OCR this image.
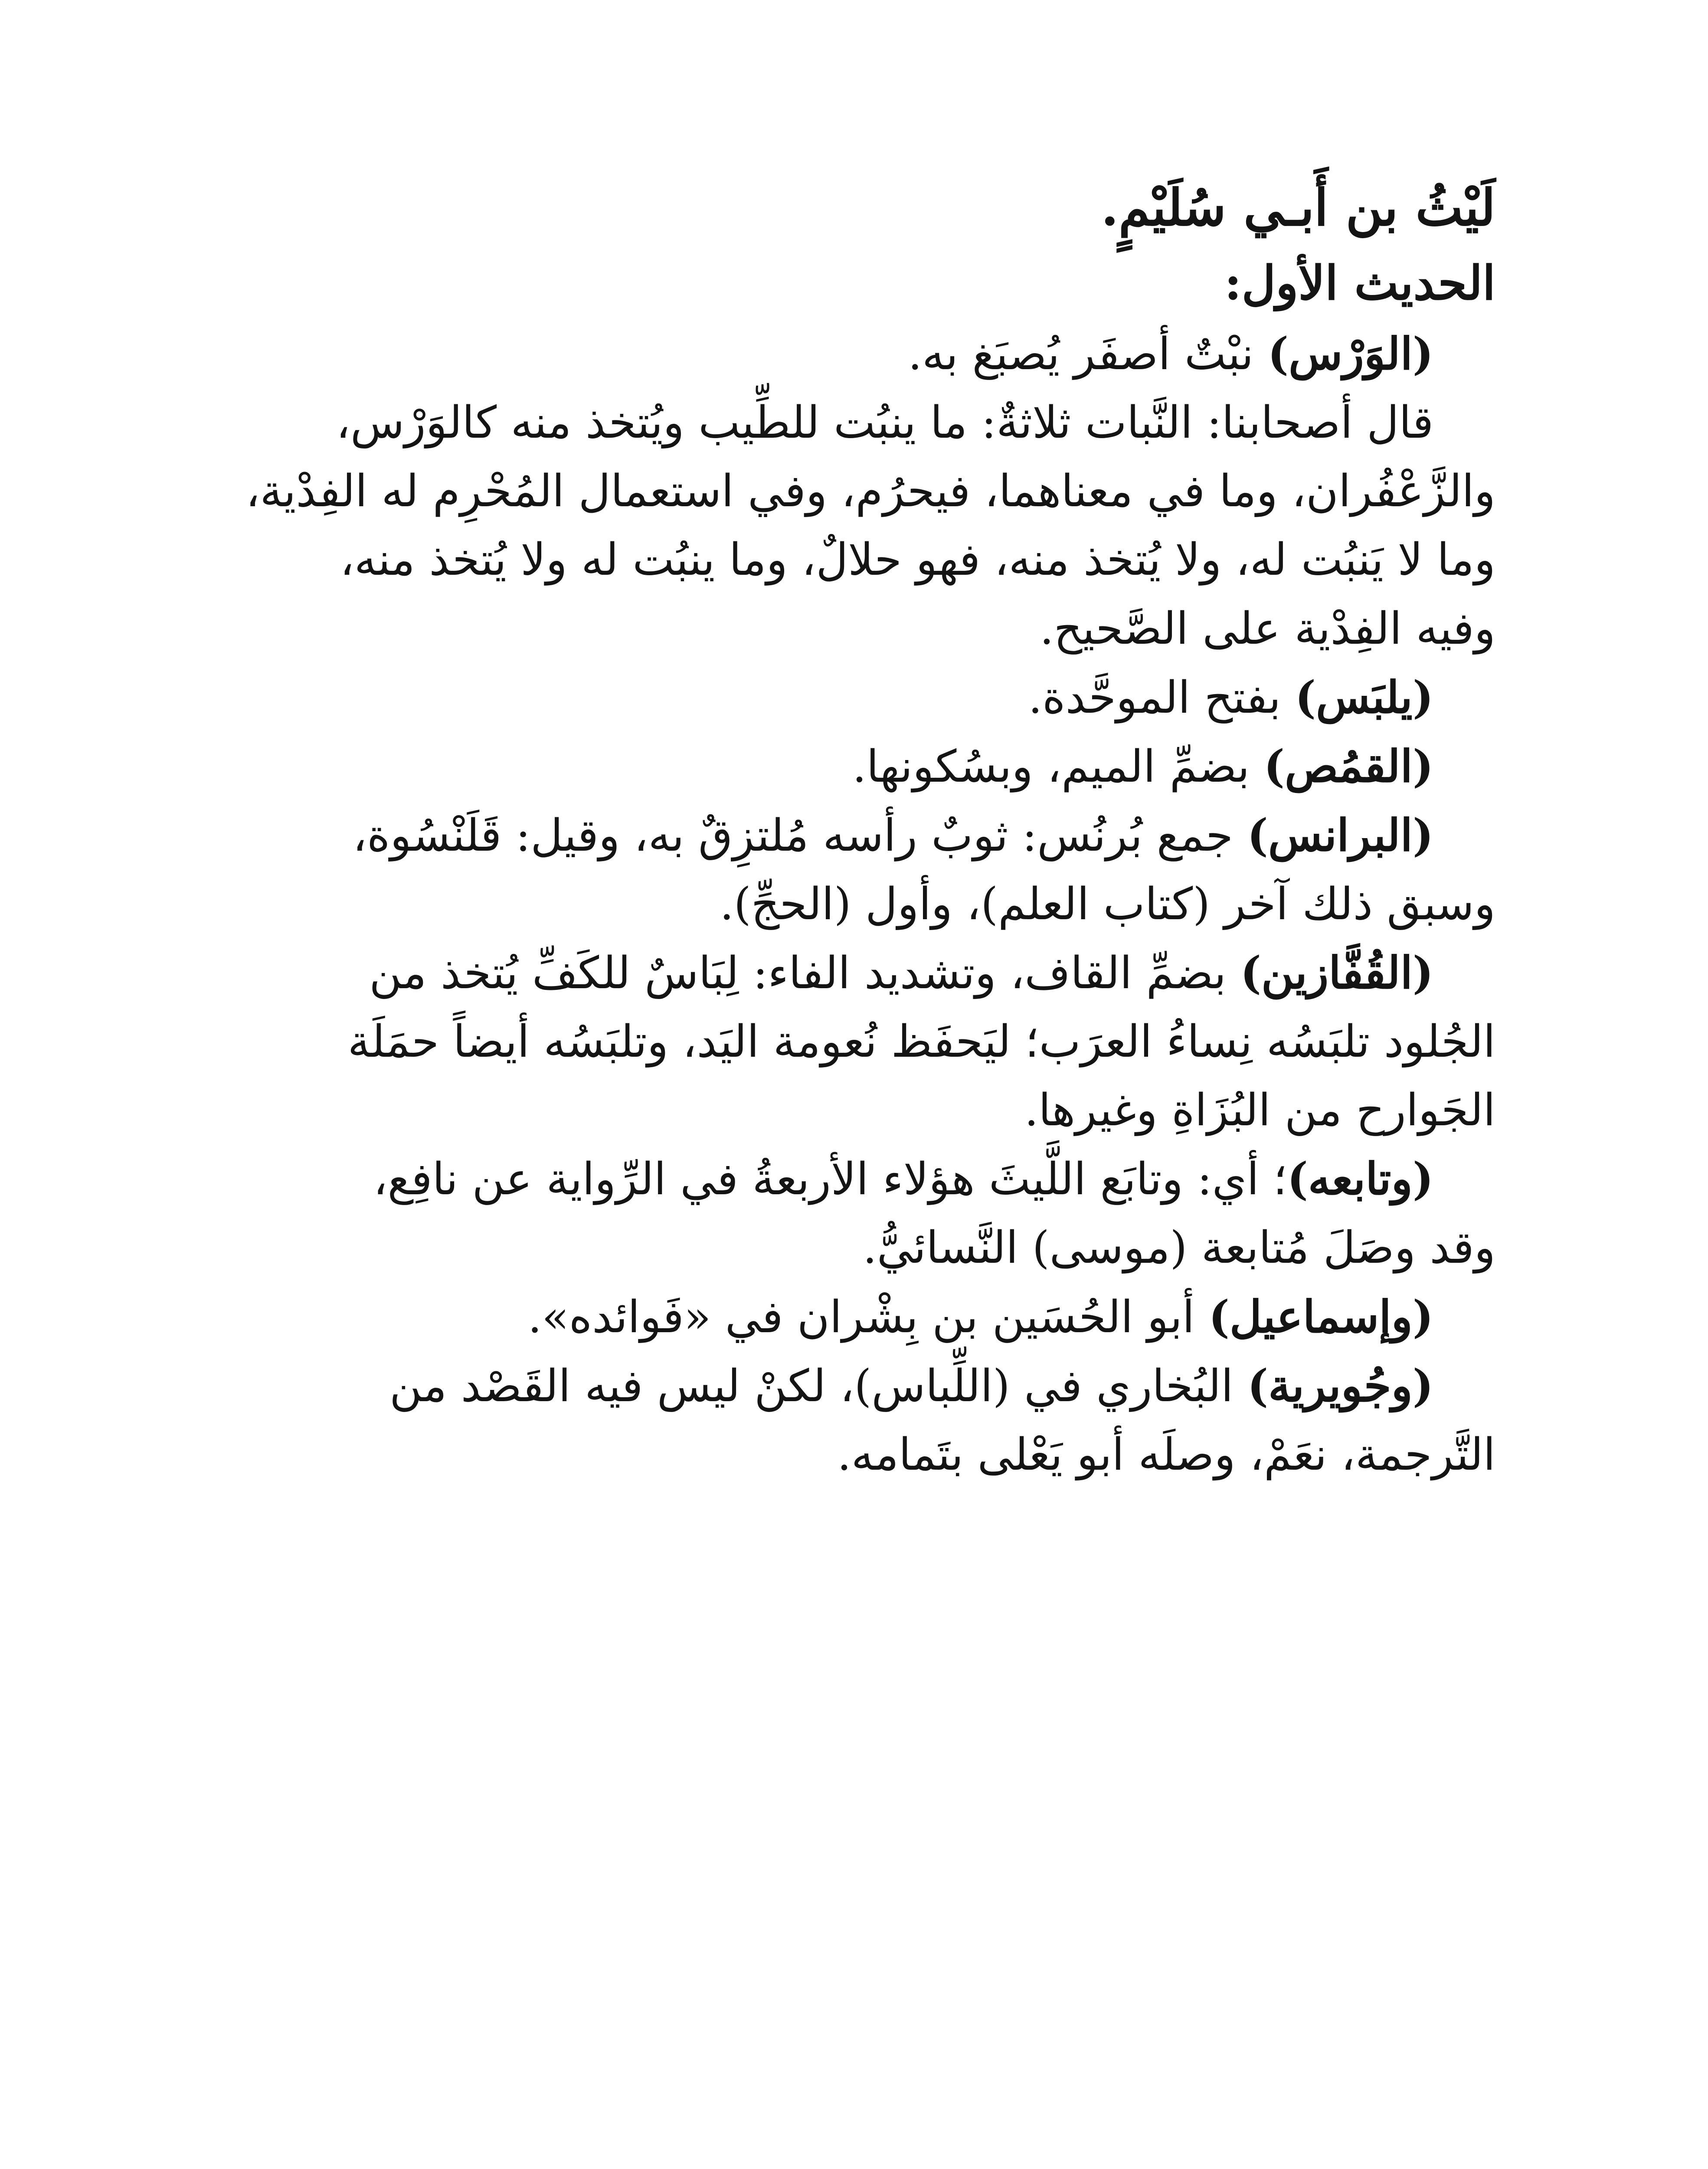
لَيْثُ بن أَبـي سُلَيْمٍ.

الحديث الأول:

(الوَرْس) نبْتٌ أصفَر يُصبَغ به.

قال أصحابنا: النَّبات ثلاثةٌ: ما ينبُت للطِّيب ويُتخذ منه كالوَرْس،

والزَّعْفُران، وما في معناهما، فيحرُم، وفي استعمال المُحْرِم له الفِدْية،

وما لا يَنبُت له، ولا يُتخذ منه، فهو حلالٌ، وما ينبُت له ولا يُتخذ منه،

وفيه الفِدْية على الصَّحيح.

(يلبَس) بفتح الموحَّدة.

(القمُص) بضمِّ الميم، وبسُكونها.

(البرانس) جمع بُرنُس: ثوبٌ رأسه مُلتزِقٌ به، وقيل: قَلَنْسُوة،

وسبق ذلك آخر (كتاب العلم)، وأول (الحجِّ).

(القُفَّازين) بضمِّ القاف، وتشديد الفاء: لِبَاسٌ للكَفِّ يُتخذ من

الجُلود تلبَسُه نِساءُ العرَب؛ ليَحفَظ نُعومة اليَد، وتلبَسُه أيضاً حمَلَة

الجَوارح من البُزَاةِ وغيرها.

(وتابعه)؛ أي: وتابَع اللَّيثَ هؤلاء الأربعةُ في الرِّواية عن نافِع،

وقد وصَلَ مُتابعة (موسى) النَّسائيُّ.

(وإسماعيل) أبو الحُسَين بن بِشْران في «فَوائده».

(وجُويرية) البُخاري في (اللِّباس)، لكنْ ليس فيه القَصْد من

التَّرجمة، نعَمْ، وصلَه أبو يَعْلى بتَمامه.
